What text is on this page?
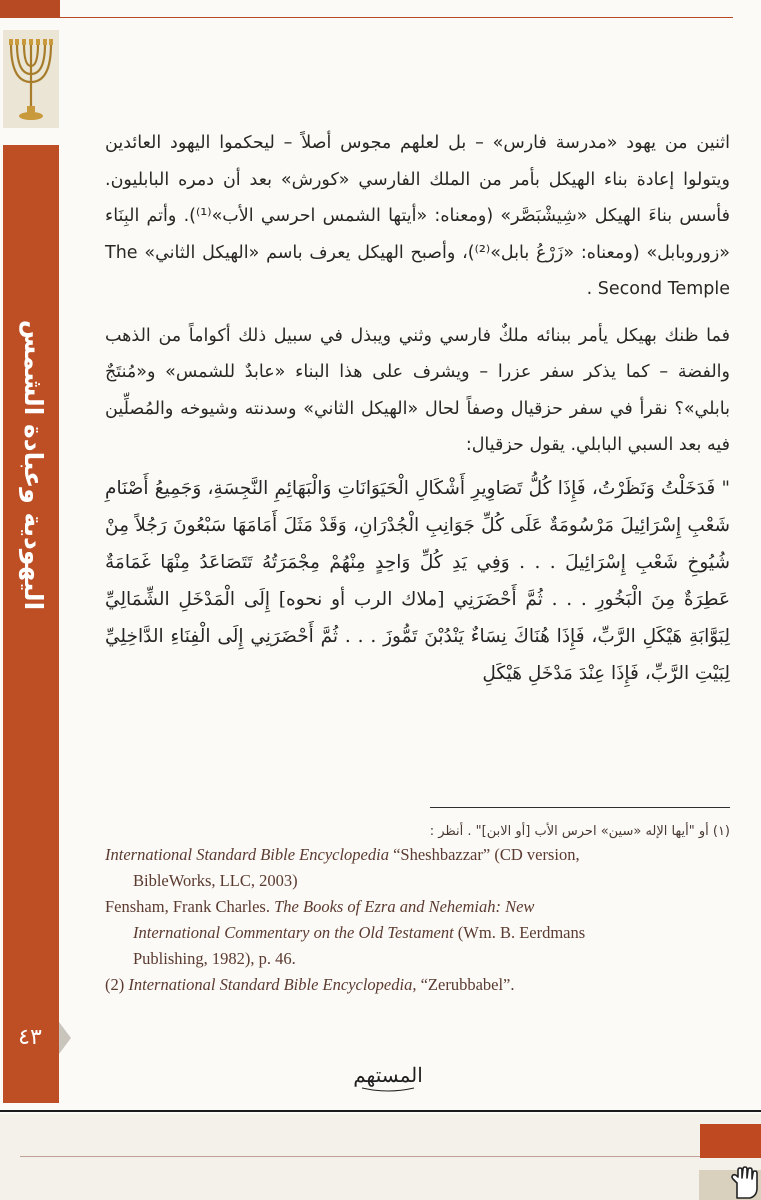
اليهودية وعبادة الشمس
٤٣

اثنين من يهود «مدرسة فارس» – بل لعلهم مجوس أصلاً – ليحكموا اليهود العائدين ويتولوا إعادة بناء الهيكل بأمر من الملك الفارسي «كورش» بعد أن دمره البابليون. فأسس بناءَ الهيكل «شِيشْبَصَّر» (ومعناه: «أيتها الشمس احرسي الأب»⁽¹⁾). وأتم البِنَاء «زوروبابل» (ومعناه: «زَرْعُ بابل»⁽²⁾)، وأصبح الهيكل يعرف باسم «الهيكل الثاني» The Second Temple .

فما ظنك بهيكل يأمر ببنائه ملكٌ فارسي وثني ويبذل في سبيل ذلك أكواماً من الذهب والفضة – كما يذكر سفر عزرا – ويشرف على هذا البناء «عابدٌ للشمس» و«مُنتَجٌ بابلي»؟ نقرأ في سفر حزقيال وصفاً لحال «الهيكل الثاني» وسدنته وشيوخه والمُصلِّين فيه بعد السبي البابلي. يقول حزقيال:

" فَدَخَلْتُ وَنَظَرْتُ، فَإِذَا كُلُّ تَصَاوِيرِ أَشْكَالِ الْحَيَوَانَاتِ وَالْبَهَائِمِ النَّجِسَةِ، وَجَمِيعُ أَصْنَامِ شَعْبِ إِسْرَائِيلَ مَرْسُومَةٌ عَلَى كُلِّ جَوَانِبِ الْجُدْرَانِ، وَقَدْ مَثَلَ أَمَامَهَا سَبْعُونَ رَجُلاً مِنْ شُيُوخِ شَعْبِ إِسْرَائِيلَ . . . وَفِي يَدِ كُلِّ وَاحِدٍ مِنْهُمْ مِجْمَرَتُهُ تَتَصَاعَدُ مِنْهَا غَمَامَةٌ عَطِرَةٌ مِنَ الْبَخُورِ . . . ثُمَّ أَحْضَرَنِي [ملاك الرب أو نحوه] إِلَى الْمَدْخَلِ الشِّمَالِيِّ لِبَوَّابَةِ هَيْكَلِ الرَّبِّ، فَإِذَا هُنَاكَ نِسَاءٌ يَنْدُبْنَ تَمُّوزَ . . . ثُمَّ أَحْضَرَنِي إِلَى الْفِنَاءِ الدَّاخِلِيِّ لِبَيْتِ الرَّبِّ، فَإِذَا عِنْدَ مَدْخَلِ هَيْكَلِ

(١) أو "أيها الإله «سين» احرس الأب [أو الابن]" . أنظر :
International Standard Bible Encyclopedia “Sheshbazzar” (CD version,
BibleWorks, LLC, 2003)
Fensham, Frank Charles. The Books of Ezra and Nehemiah: New
International Commentary on the Old Testament (Wm. B. Eerdmans
Publishing, 1982), p. 46.
(2) International Standard Bible Encyclopedia, “Zerubbabel”.
المستهم
